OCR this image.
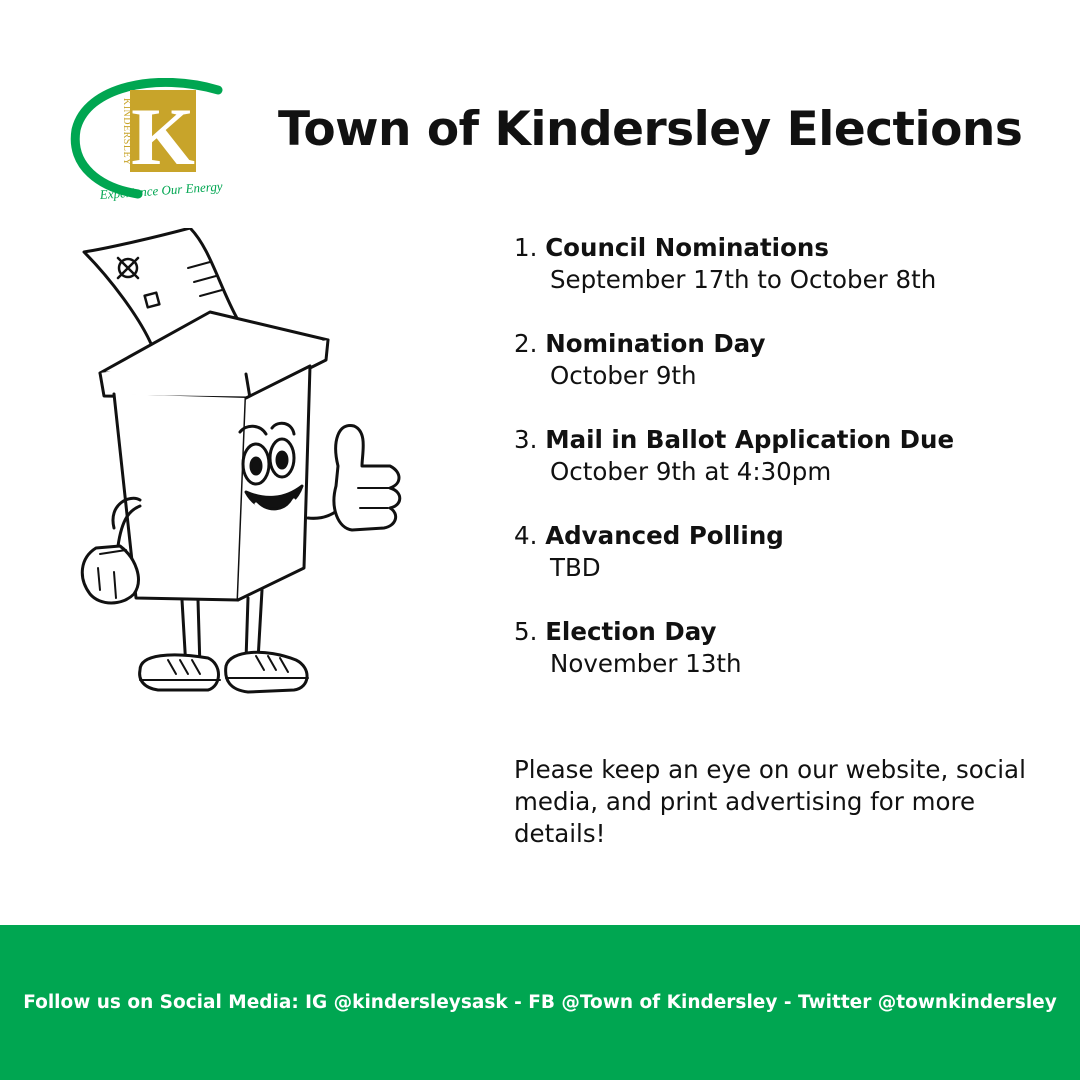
K
KINDERSLEY
Experience Our Energy
Town of Kindersley Elections
1. Council Nominations
September 17th to October 8th
2. Nomination Day
October 9th
3. Mail in Ballot Application Due
October 9th at 4:30pm
4. Advanced Polling
TBD
5. Election Day
November 13th
Please keep an eye on our website, social media, and print advertising for more details!
Follow us on Social Media: IG @kindersleysask - FB @Town of Kindersley - Twitter @townkindersley
